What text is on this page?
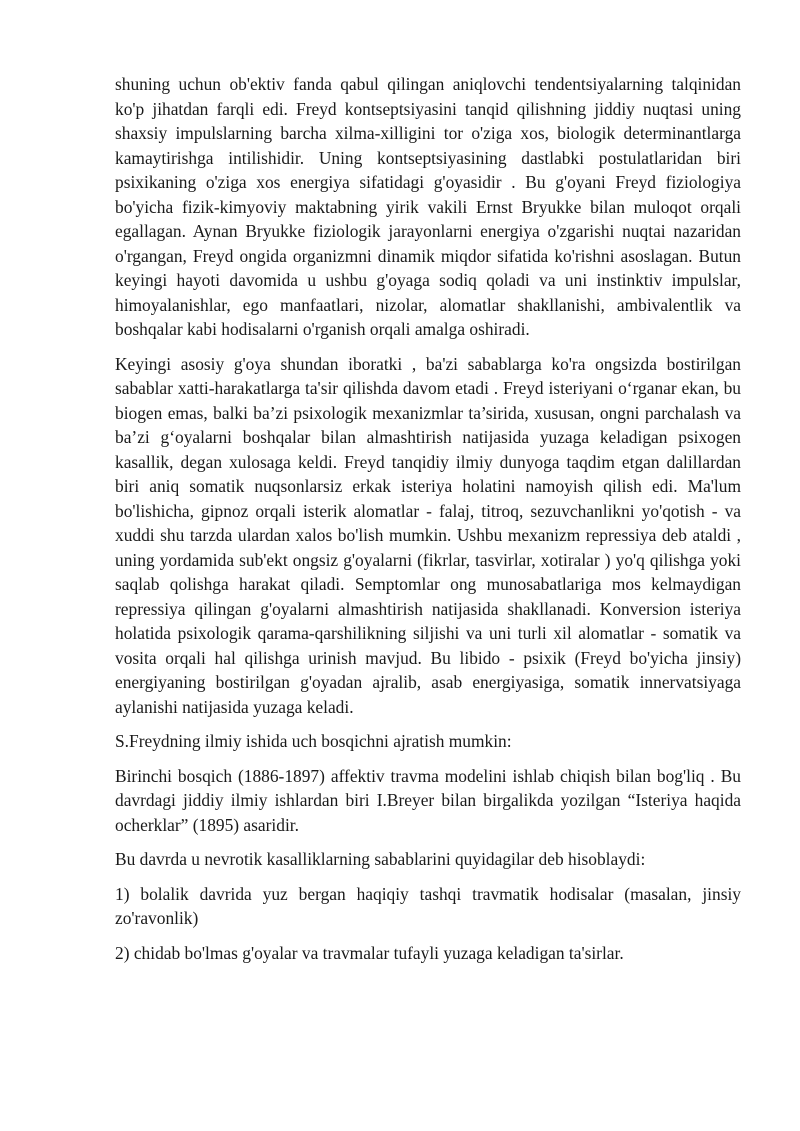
shuning uchun ob'ektiv fanda qabul qilingan aniqlovchi tendentsiyalarning talqinidan ko'p jihatdan farqli edi. Freyd kontseptsiyasini tanqid qilishning jiddiy nuqtasi uning shaxsiy impulslarning barcha xilma-xilligini tor o'ziga xos, biologik determinantlarga kamaytirishga intilishidir. Uning kontseptsiyasining dastlabki postulatlaridan biri psixikaning o'ziga xos energiya sifatidagi g'oyasidir . Bu g'oyani Freyd fiziologiya bo'yicha fizik-kimyoviy maktabning yirik vakili Ernst Bryukke bilan muloqot orqali egallagan. Aynan Bryukke fiziologik jarayonlarni energiya o'zgarishi nuqtai nazaridan o'rgangan, Freyd ongida organizmni dinamik miqdor sifatida ko'rishni asoslagan. Butun keyingi hayoti davomida u ushbu g'oyaga sodiq qoladi va uni instinktiv impulslar, himoyalanishlar, ego manfaatlari, nizolar, alomatlar shakllanishi, ambivalentlik va boshqalar kabi hodisalarni o'rganish orqali amalga oshiradi.

Keyingi asosiy g'oya shundan iboratki , ba'zi sabablarga ko'ra ongsizda bostirilgan sabablar xatti-harakatlarga ta'sir qilishda davom etadi . Freyd isteriyani o‘rganar ekan, bu biogen emas, balki ba’zi psixologik mexanizmlar ta’sirida, xususan, ongni parchalash va ba’zi g‘oyalarni boshqalar bilan almashtirish natijasida yuzaga keladigan psixogen kasallik, degan xulosaga keldi. Freyd tanqidiy ilmiy dunyoga taqdim etgan dalillardan biri aniq somatik nuqsonlarsiz erkak isteriya holatini namoyish qilish edi. Ma'lum bo'lishicha, gipnoz orqali isterik alomatlar - falaj, titroq, sezuvchanlikni yo'qotish - va xuddi shu tarzda ulardan xalos bo'lish mumkin. Ushbu mexanizm repressiya deb ataldi , uning yordamida sub'ekt ongsiz g'oyalarni (fikrlar, tasvirlar, xotiralar ) yo'q qilishga yoki saqlab qolishga harakat qiladi. Semptomlar ong munosabatlariga mos kelmaydigan repressiya qilingan g'oyalarni almashtirish natijasida shakllanadi. Konversion isteriya holatida psixologik qarama-qarshilikning siljishi va uni turli xil alomatlar - somatik va vosita orqali hal qilishga urinish mavjud. Bu libido - psixik (Freyd bo'yicha jinsiy) energiyaning bostirilgan g'oyadan ajralib, asab energiyasiga, somatik innervatsiyaga aylanishi natijasida yuzaga keladi.

S.Freydning ilmiy ishida uch bosqichni ajratish mumkin:

Birinchi bosqich (1886-1897) affektiv travma modelini ishlab chiqish bilan bog'liq . Bu davrdagi jiddiy ilmiy ishlardan biri I.Breyer bilan birgalikda yozilgan “Isteriya haqida ocherklar” (1895) asaridir.

Bu davrda u nevrotik kasalliklarning sabablarini quyidagilar deb hisoblaydi:

1) bolalik davrida yuz bergan haqiqiy tashqi travmatik hodisalar (masalan, jinsiy zo'ravonlik)

2) chidab bo'lmas g'oyalar va travmalar tufayli yuzaga keladigan ta'sirlar.
